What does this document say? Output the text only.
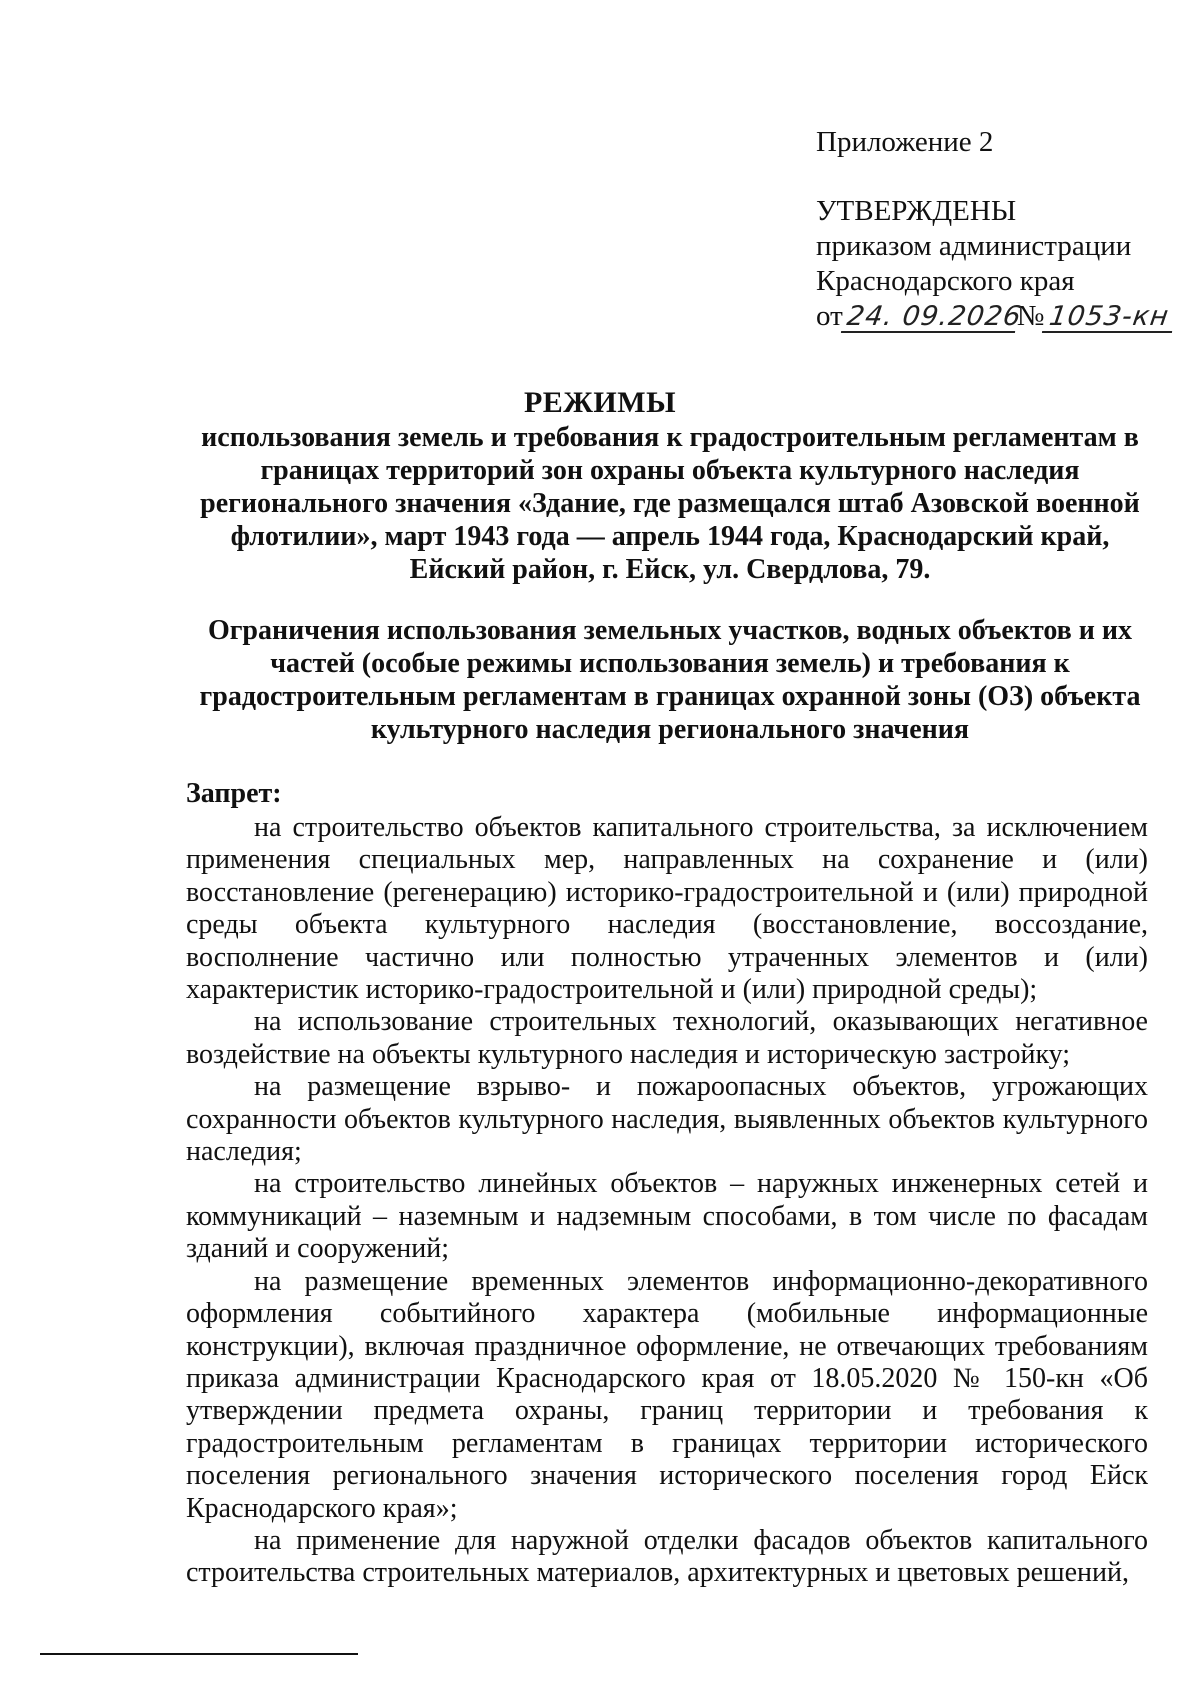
Приложение 2
УТВЕРЖДЕНЫ
приказом администрации
Краснодарского края
от24. 09.2026№ 1053-кн
РЕЖИМЫ
использования земель и требования к градостроительным регламентам в
границах территорий зон охраны объекта культурного наследия
регионального значения «Здание, где размещался штаб Азовской военной
флотилии», март 1943 года — апрель 1944 года, Краснодарский край,
Ейский район, г. Ейск, ул. Свердлова, 79.
Ограничения использования земельных участков, водных объектов и их
частей (особые режимы использования земель) и требования к
градостроительным регламентам в границах охранной зоны (ОЗ) объекта
культурного наследия регионального значения
Запрет:

на строительство объектов капитального строительства, за исключением применения специальных мер, направленных на сохранение и (или) восстановление (регенерацию) историко-градостроительной и (или) природной среды объекта культурного наследия (восстановление, воссоздание, восполнение частично или полностью утраченных элементов и (или) характеристик историко-градостроительной и (или) природной среды);

на использование строительных технологий, оказывающих негативное воздействие на объекты культурного наследия и историческую застройку;

на размещение взрыво- и пожароопасных объектов, угрожающих сохранности объектов культурного наследия, выявленных объектов культурного наследия;

на строительство линейных объектов – наружных инженерных сетей и коммуникаций – наземным и надземным способами, в том числе по фасадам зданий и сооружений;

на размещение временных элементов информационно-декоративного оформления событийного характера (мобильные информационные конструкции), включая праздничное оформление, не отвечающих требованиям приказа администрации Краснодарского края от 18.05.2020 № 150-кн «Об утверждении предмета охраны, границ территории и требования к градостроительным регламентам в границах территории исторического поселения регионального значения исторического поселения город Ейск Краснодарского края»;

на применение для наружной отделки фасадов объектов капитального строительства строительных материалов, архитектурных и цветовых решений,
